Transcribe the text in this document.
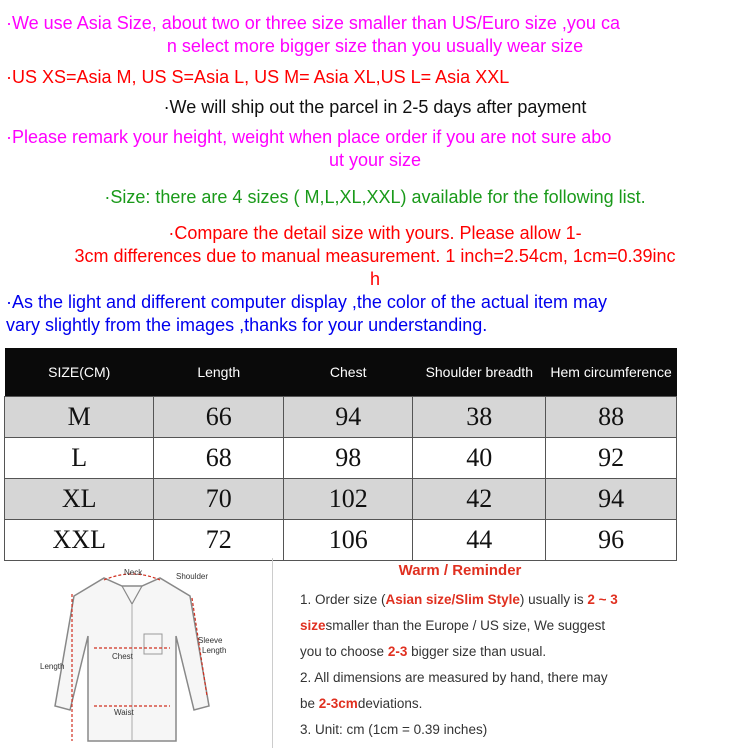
·We use Asia Size, about two or three size smaller than US/Euro size ,you ca

n select more bigger size than you usually wear size

·US XS=Asia M, US S=Asia L, US M= Asia XL,US L= Asia XXL

·We will ship out the parcel in 2-5 days after payment

·Please remark your height, weight when place order if you are not sure abo

ut your size

·Size: there are 4 sizes ( M,L,XL,XXL) available for the following list.

·Compare the detail size with yours. Please allow 1-

3cm differences due to manual measurement. 1 inch=2.54cm, 1cm=0.39inc

h

·As the light and different computer display ,the color of the actual item may

vary slightly from the images ,thanks for your understanding.

SIZE(CM)	Length	Chest	Shoulder breadth	Hem circumference
M	66	94	38	88
L	68	98	40	92
XL	70	102	42	94
XXL	72	106	44	96
Neck	Shoulder
Chest
Sleeve
Length
Length
Waist
Warm / Reminder

1. Order size (Asian size/Slim Style) usually is 2 ~ 3

sizesmaller than the Europe / US size, We suggest

you to choose 2-3 bigger size than usual.

2. All dimensions are measured by hand, there may

be 2-3cmdeviations.

3. Unit: cm (1cm = 0.39 inches)
